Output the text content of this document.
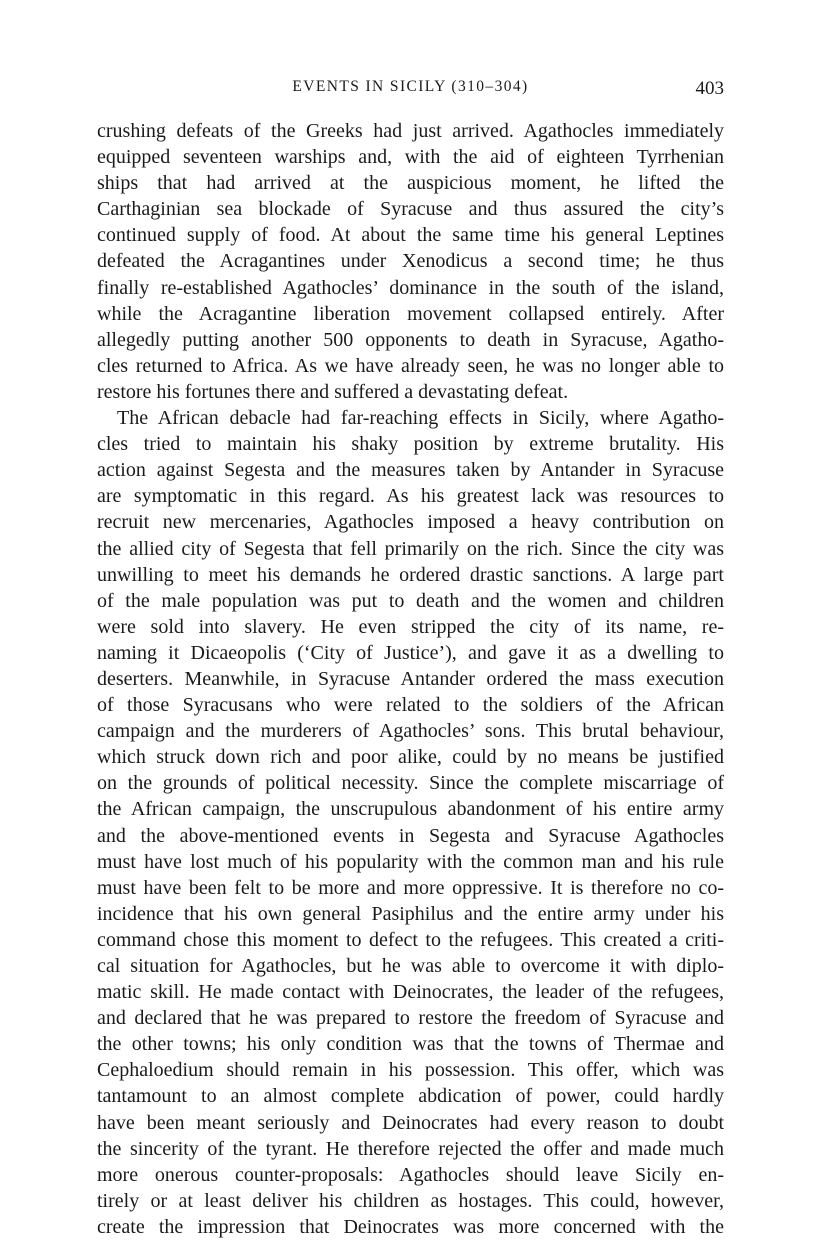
EVENTS IN SICILY (310–304)	403
crushing defeats of the Greeks had just arrived. Agathocles immediately
equipped seventeen warships and, with the aid of eighteen Tyrrhenian
ships that had arrived at the auspicious moment, he lifted the
Carthaginian sea blockade of Syracuse and thus assured the city’s
continued supply of food. At about the same time his general Leptines
defeated the Acragantines under Xenodicus a second time; he thus
finally re-established Agathocles’ dominance in the south of the island,
while the Acragantine liberation movement collapsed entirely. After
allegedly putting another 500 opponents to death in Syracuse, Agatho-
cles returned to Africa. As we have already seen, he was no longer able to
restore his fortunes there and suffered a devastating defeat.
The African debacle had far-reaching effects in Sicily, where Agatho-
cles tried to maintain his shaky position by extreme brutality. His
action against Segesta and the measures taken by Antander in Syracuse
are symptomatic in this regard. As his greatest lack was resources to
recruit new mercenaries, Agathocles imposed a heavy contribution on
the allied city of Segesta that fell primarily on the rich. Since the city was
unwilling to meet his demands he ordered drastic sanctions. A large part
of the male population was put to death and the women and children
were sold into slavery. He even stripped the city of its name, re-
naming it Dicaeopolis (‘City of Justice’), and gave it as a dwelling to
deserters. Meanwhile, in Syracuse Antander ordered the mass execution
of those Syracusans who were related to the soldiers of the African
campaign and the murderers of Agathocles’ sons. This brutal behaviour,
which struck down rich and poor alike, could by no means be justified
on the grounds of political necessity. Since the complete miscarriage of
the African campaign, the unscrupulous abandonment of his entire army
and the above-mentioned events in Segesta and Syracuse Agathocles
must have lost much of his popularity with the common man and his rule
must have been felt to be more and more oppressive. It is therefore no co-
incidence that his own general Pasiphilus and the entire army under his
command chose this moment to defect to the refugees. This created a criti-
cal situation for Agathocles, but he was able to overcome it with diplo-
matic skill. He made contact with Deinocrates, the leader of the refugees,
and declared that he was prepared to restore the freedom of Syracuse and
the other towns; his only condition was that the towns of Thermae and
Cephaloedium should remain in his possession. This offer, which was
tantamount to an almost complete abdication of power, could hardly
have been meant seriously and Deinocrates had every reason to doubt
the sincerity of the tyrant. He therefore rejected the offer and made much
more onerous counter-proposals: Agathocles should leave Sicily en-
tirely or at least deliver his children as hostages. This could, however,
create the impression that Deinocrates was more concerned with the
